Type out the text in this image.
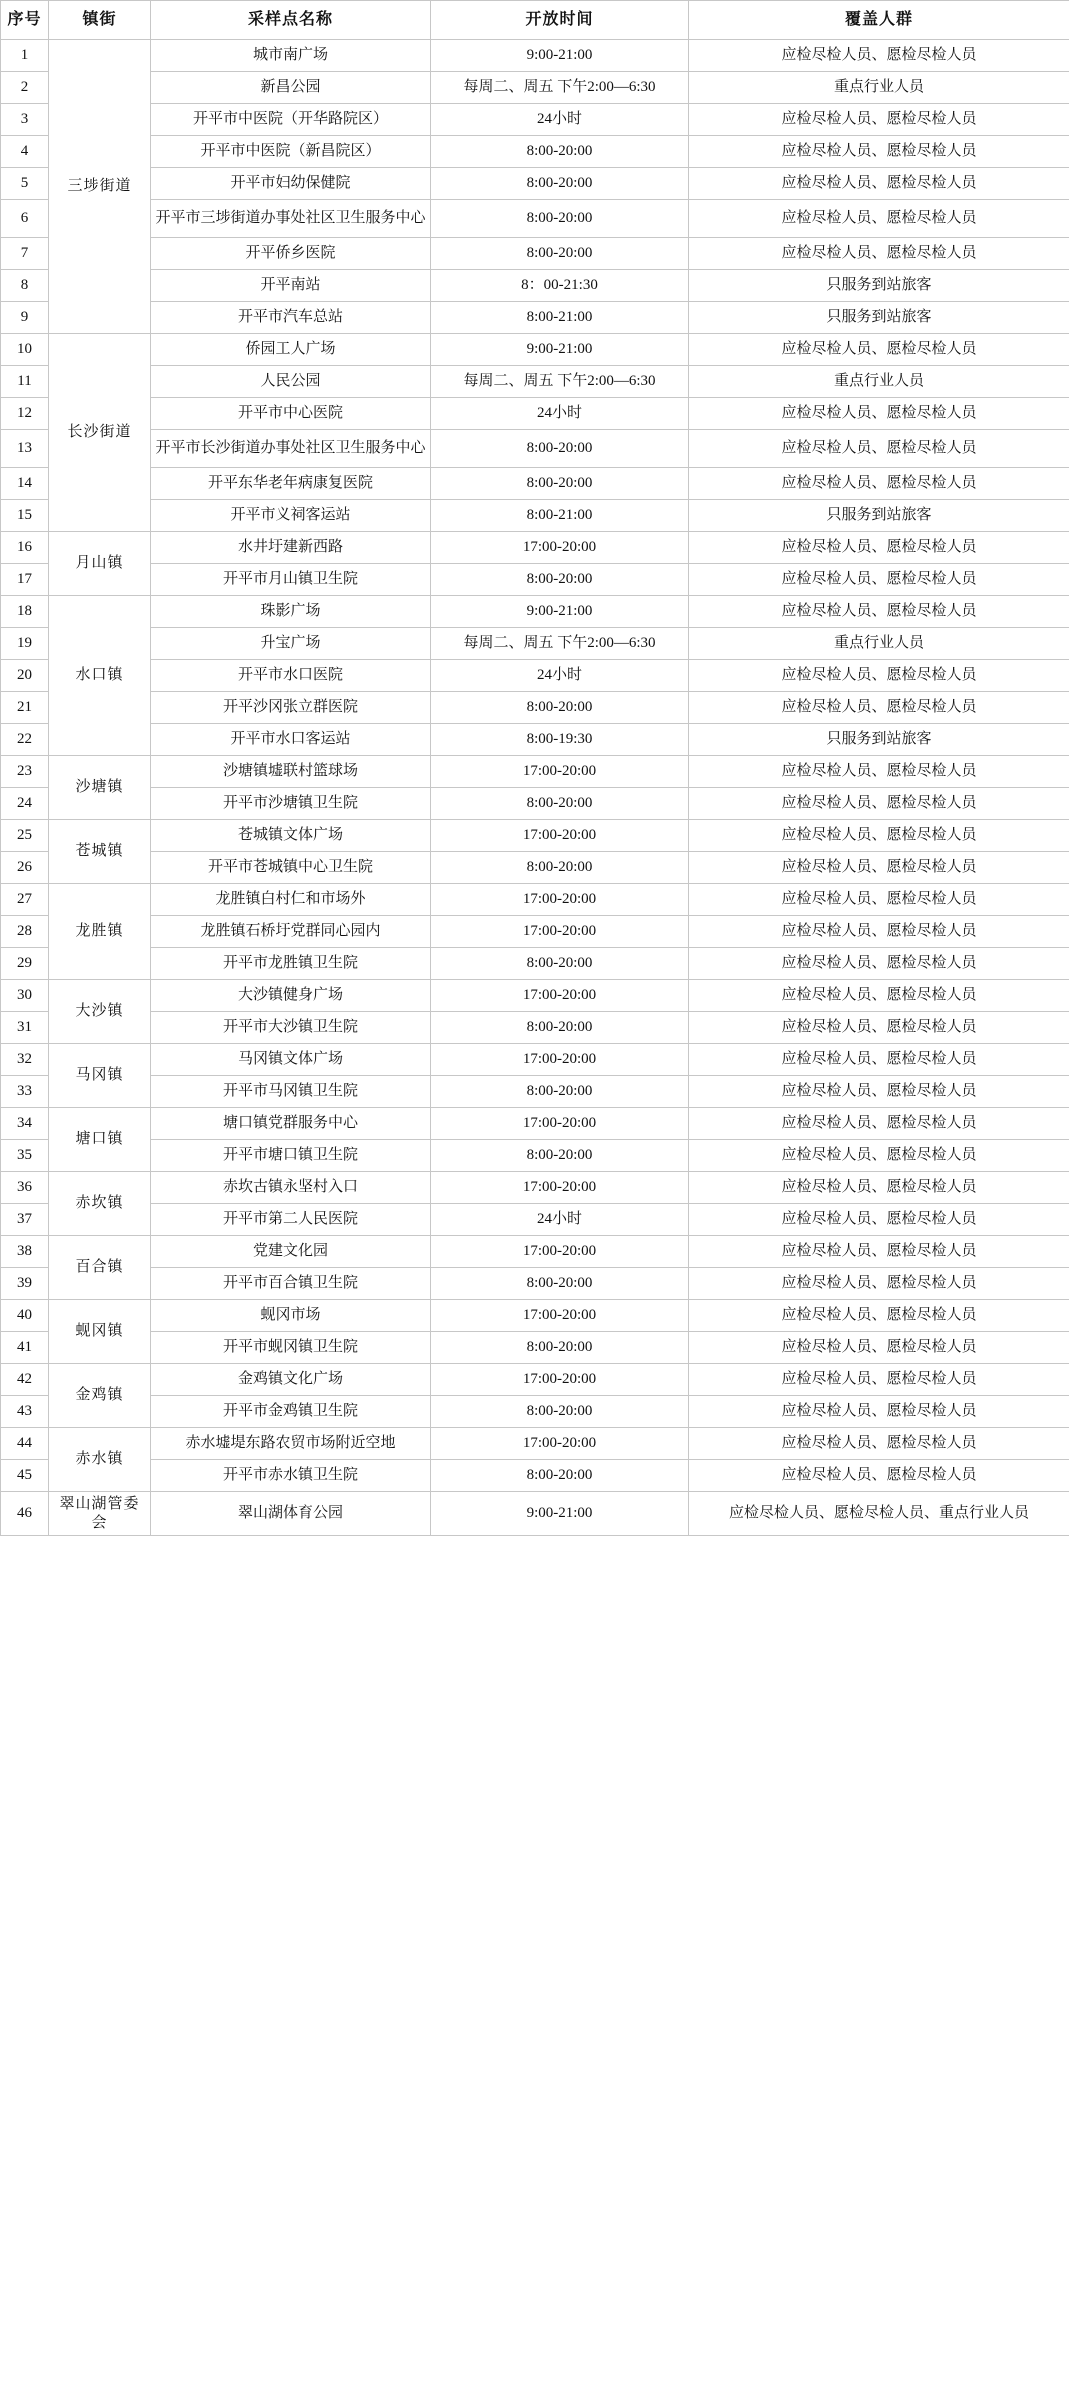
序号	镇街	采样点名称	开放时间	覆盖人群
1	三埗街道	城市南广场	9:00-21:00	应检尽检人员、愿检尽检人员
2		新昌公园	每周二、周五 下午2:00—6:30	重点行业人员
3		开平市中医院（开华路院区）	24小时	应检尽检人员、愿检尽检人员
4		开平市中医院（新昌院区）	8:00-20:00	应检尽检人员、愿检尽检人员
5		开平市妇幼保健院	8:00-20:00	应检尽检人员、愿检尽检人员
6		开平市三埗街道办事处社区卫生服务中心	8:00-20:00	应检尽检人员、愿检尽检人员
7		开平侨乡医院	8:00-20:00	应检尽检人员、愿检尽检人员
8		开平南站	8：00-21:30	只服务到站旅客
9		开平市汽车总站	8:00-21:00	只服务到站旅客
10	长沙街道	侨园工人广场	9:00-21:00	应检尽检人员、愿检尽检人员
11		人民公园	每周二、周五 下午2:00—6:30	重点行业人员
12		开平市中心医院	24小时	应检尽检人员、愿检尽检人员
13		开平市长沙街道办事处社区卫生服务中心	8:00-20:00	应检尽检人员、愿检尽检人员
14		开平东华老年病康复医院	8:00-20:00	应检尽检人员、愿检尽检人员
15		开平市义祠客运站	8:00-21:00	只服务到站旅客
16	月山镇	水井圩建新西路	17:00-20:00	应检尽检人员、愿检尽检人员
17		开平市月山镇卫生院	8:00-20:00	应检尽检人员、愿检尽检人员
18	水口镇	珠影广场	9:00-21:00	应检尽检人员、愿检尽检人员
19		升宝广场	每周二、周五 下午2:00—6:30	重点行业人员
20		开平市水口医院	24小时	应检尽检人员、愿检尽检人员
21		开平沙冈张立群医院	8:00-20:00	应检尽检人员、愿检尽检人员
22		开平市水口客运站	8:00-19:30	只服务到站旅客
23	沙塘镇	沙塘镇墟联村篮球场	17:00-20:00	应检尽检人员、愿检尽检人员
24		开平市沙塘镇卫生院	8:00-20:00	应检尽检人员、愿检尽检人员
25	苍城镇	苍城镇文体广场	17:00-20:00	应检尽检人员、愿检尽检人员
26		开平市苍城镇中心卫生院	8:00-20:00	应检尽检人员、愿检尽检人员
27	龙胜镇	龙胜镇白村仁和市场外	17:00-20:00	应检尽检人员、愿检尽检人员
28		龙胜镇石桥圩党群同心园内	17:00-20:00	应检尽检人员、愿检尽检人员
29		开平市龙胜镇卫生院	8:00-20:00	应检尽检人员、愿检尽检人员
30	大沙镇	大沙镇健身广场	17:00-20:00	应检尽检人员、愿检尽检人员
31		开平市大沙镇卫生院	8:00-20:00	应检尽检人员、愿检尽检人员
32	马冈镇	马冈镇文体广场	17:00-20:00	应检尽检人员、愿检尽检人员
33		开平市马冈镇卫生院	8:00-20:00	应检尽检人员、愿检尽检人员
34	塘口镇	塘口镇党群服务中心	17:00-20:00	应检尽检人员、愿检尽检人员
35		开平市塘口镇卫生院	8:00-20:00	应检尽检人员、愿检尽检人员
36	赤坎镇	赤坎古镇永坚村入口	17:00-20:00	应检尽检人员、愿检尽检人员
37		开平市第二人民医院	24小时	应检尽检人员、愿检尽检人员
38	百合镇	党建文化园	17:00-20:00	应检尽检人员、愿检尽检人员
39		开平市百合镇卫生院	8:00-20:00	应检尽检人员、愿检尽检人员
40	蚬冈镇	蚬冈市场	17:00-20:00	应检尽检人员、愿检尽检人员
41		开平市蚬冈镇卫生院	8:00-20:00	应检尽检人员、愿检尽检人员
42	金鸡镇	金鸡镇文化广场	17:00-20:00	应检尽检人员、愿检尽检人员
43		开平市金鸡镇卫生院	8:00-20:00	应检尽检人员、愿检尽检人员
44	赤水镇	赤水墟堤东路农贸市场附近空地	17:00-20:00	应检尽检人员、愿检尽检人员
45		开平市赤水镇卫生院	8:00-20:00	应检尽检人员、愿检尽检人员
46	翠山湖管委会	翠山湖体育公园	9:00-21:00	应检尽检人员、愿检尽检人员、重点行业人员
